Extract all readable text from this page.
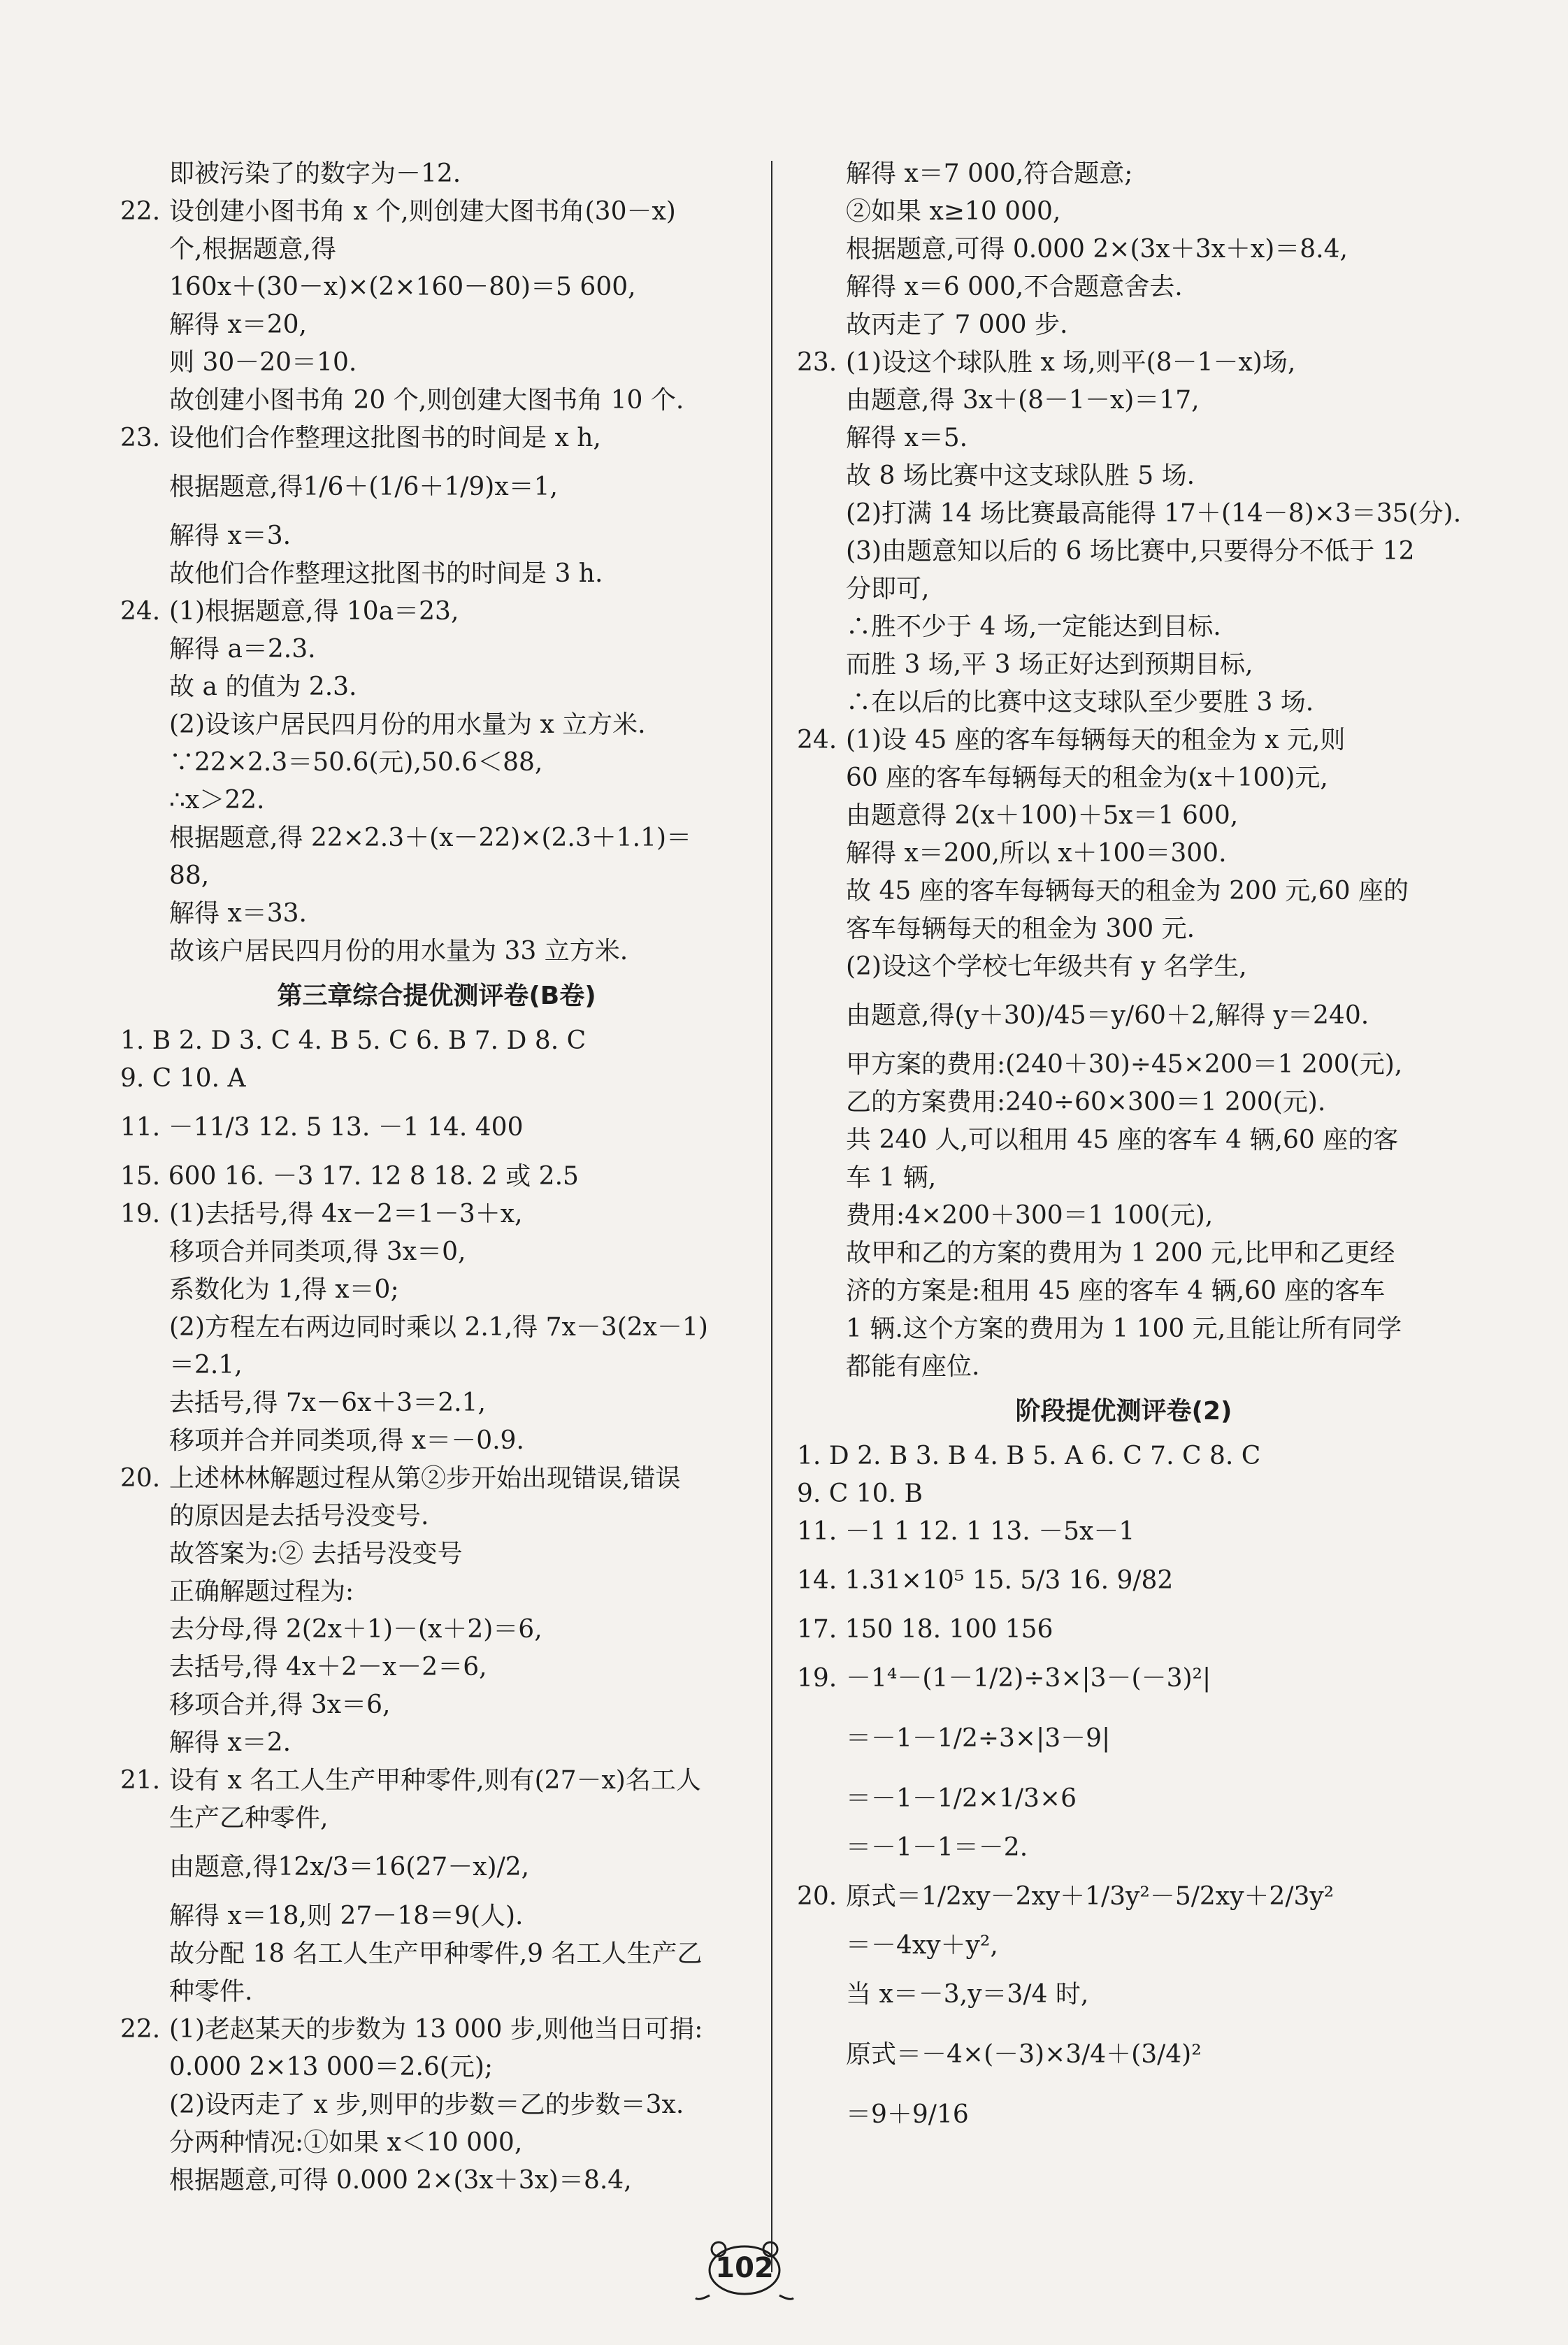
即被污染了的数字为－12.
22. 设创建小图书角 x 个,则创建大图书角(30－x)
个,根据题意,得
160x＋(30－x)×(2×160－80)＝5 600,
解得 x＝20,
则 30－20＝10.
故创建小图书角 20 个,则创建大图书角 10 个.
23. 设他们合作整理这批图书的时间是 x h,
根据题意,得1/6＋(1/6＋1/9)x＝1,
解得 x＝3.
故他们合作整理这批图书的时间是 3 h.
24. (1)根据题意,得 10a＝23,
解得 a＝2.3.
故 a 的值为 2.3.
(2)设该户居民四月份的用水量为 x 立方米.
∵22×2.3＝50.6(元),50.6＜88,
∴x＞22.
根据题意,得 22×2.3＋(x－22)×(2.3＋1.1)＝
88,
解得 x＝33.
故该户居民四月份的用水量为 33 立方米.
第三章综合提优测评卷(B卷)
1. B 2. D 3. C 4. B 5. C 6. B 7. D 8. C
9. C 10. A
11. －11/3 12. 5 13. －1 14. 400
15. 600 16. －3 17. 12 8 18. 2 或 2.5
19. (1)去括号,得 4x－2＝1－3＋x,
移项合并同类项,得 3x＝0,
系数化为 1,得 x＝0;
(2)方程左右两边同时乘以 2.1,得 7x－3(2x－1)
＝2.1,
去括号,得 7x－6x＋3＝2.1,
移项并合并同类项,得 x＝－0.9.
20. 上述林林解题过程从第②步开始出现错误,错误
的原因是去括号没变号.
故答案为:② 去括号没变号
正确解题过程为:
去分母,得 2(2x＋1)－(x＋2)＝6,
去括号,得 4x＋2－x－2＝6,
移项合并,得 3x＝6,
解得 x＝2.
21. 设有 x 名工人生产甲种零件,则有(27－x)名工人
生产乙种零件,
由题意,得12x/3＝16(27－x)/2,
解得 x＝18,则 27－18＝9(人).
故分配 18 名工人生产甲种零件,9 名工人生产乙
种零件.
22. (1)老赵某天的步数为 13 000 步,则他当日可捐:
0.000 2×13 000＝2.6(元);
(2)设丙走了 x 步,则甲的步数＝乙的步数＝3x.
分两种情况:①如果 x＜10 000,
根据题意,可得 0.000 2×(3x＋3x)＝8.4,
解得 x＝7 000,符合题意;
②如果 x≥10 000,
根据题意,可得 0.000 2×(3x＋3x＋x)＝8.4,
解得 x＝6 000,不合题意舍去.
故丙走了 7 000 步.
23. (1)设这个球队胜 x 场,则平(8－1－x)场,
由题意,得 3x＋(8－1－x)＝17,
解得 x＝5.
故 8 场比赛中这支球队胜 5 场.
(2)打满 14 场比赛最高能得 17＋(14－8)×3＝35(分).
(3)由题意知以后的 6 场比赛中,只要得分不低于 12
分即可,
∴胜不少于 4 场,一定能达到目标.
而胜 3 场,平 3 场正好达到预期目标,
∴在以后的比赛中这支球队至少要胜 3 场.
24. (1)设 45 座的客车每辆每天的租金为 x 元,则
60 座的客车每辆每天的租金为(x＋100)元,
由题意得 2(x＋100)＋5x＝1 600,
解得 x＝200,所以 x＋100＝300.
故 45 座的客车每辆每天的租金为 200 元,60 座的
客车每辆每天的租金为 300 元.
(2)设这个学校七年级共有 y 名学生,
由题意,得(y＋30)/45＝y/60＋2,解得 y＝240.
甲方案的费用:(240＋30)÷45×200＝1 200(元),
乙的方案费用:240÷60×300＝1 200(元).
共 240 人,可以租用 45 座的客车 4 辆,60 座的客
车 1 辆,
费用:4×200＋300＝1 100(元),
故甲和乙的方案的费用为 1 200 元,比甲和乙更经
济的方案是:租用 45 座的客车 4 辆,60 座的客车
1 辆.这个方案的费用为 1 100 元,且能让所有同学
都能有座位.
阶段提优测评卷(2)
1. D 2. B 3. B 4. B 5. A 6. C 7. C 8. C
9. C 10. B
11. －1 1 12. 1 13. －5x－1
14. 1.31×10⁵ 15. 5/3 16. 9/82
17. 150 18. 100 156
19. －1⁴－(1－1/2)÷3×|3－(－3)²|
＝－1－1/2÷3×|3－9|
＝－1－1/2×1/3×6
＝－1－1＝－2.
20. 原式＝1/2xy－2xy＋1/3y²－5/2xy＋2/3y²
＝－4xy＋y²,
当 x＝－3,y＝3/4 时,
原式＝－4×(－3)×3/4＋(3/4)²
＝9＋9/16
102
